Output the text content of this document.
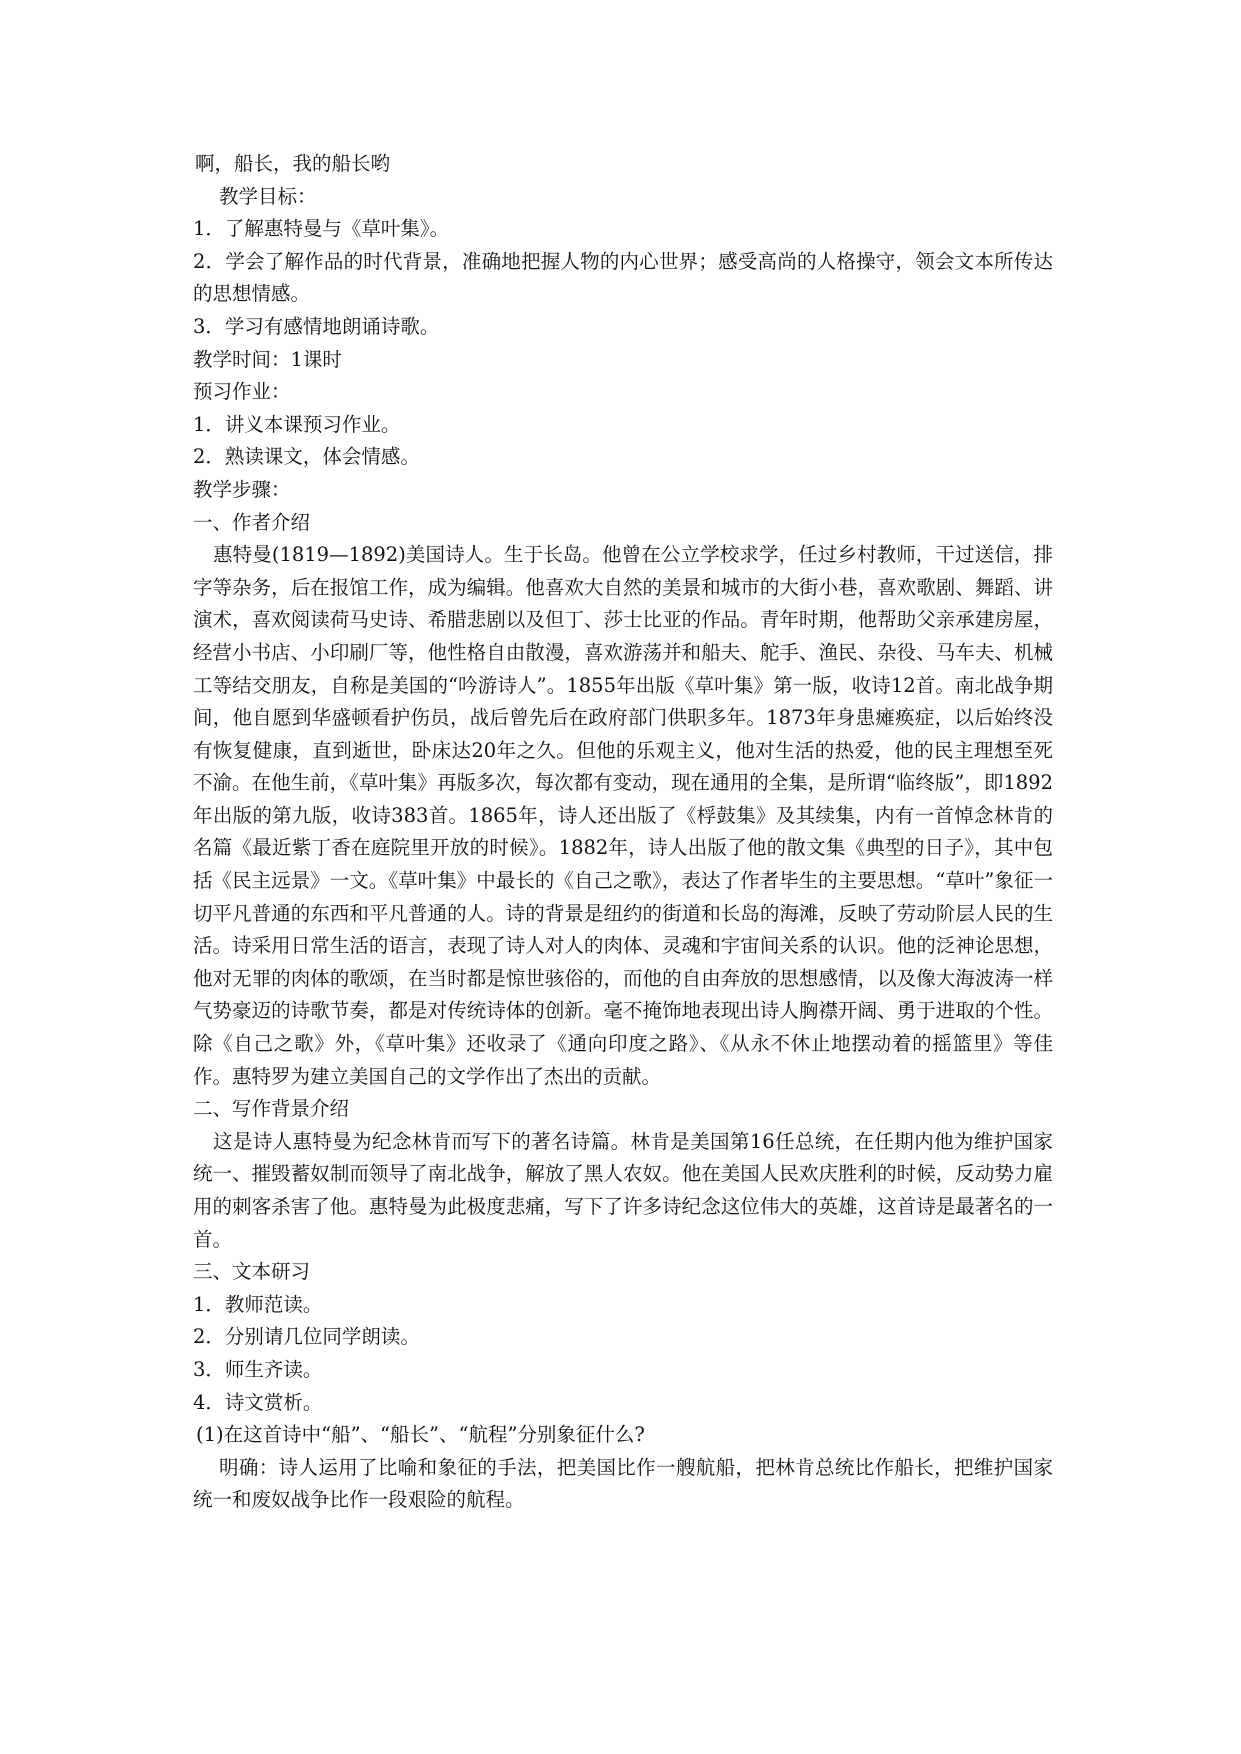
啊，船长，我的船长哟
教学目标：
1．了解惠特曼与《草叶集》。

2．学会了解作品的时代背景，准确地把握人物的内心世界；感受高尚的人格操守，领会文本所传达的思想情感。

3．学习有感情地朗诵诗歌。
教学时间：1课时
预习作业：
1．讲义本课预习作业。
2．熟读课文，体会情感。
教学步骤：
一、作者介绍

惠特曼(1819—1892)美国诗人。生于长岛。他曾在公立学校求学，任过乡村教师，干过送信，排字等杂务，后在报馆工作，成为编辑。他喜欢大自然的美景和城市的大街小巷，喜欢歌剧、舞蹈、讲演术，喜欢阅读荷马史诗、希腊悲剧以及但丁、莎士比亚的作品。青年时期，他帮助父亲承建房屋，经营小书店、小印刷厂等，他性格自由散漫，喜欢游荡并和船夫、舵手、渔民、杂役、马车夫、机械工等结交朋友，自称是美国的“吟游诗人”。1855年出版《草叶集》第一版，收诗12首。南北战争期间，他自愿到华盛顿看护伤员，战后曾先后在政府部门供职多年。1873年身患瘫痪症，以后始终没有恢复健康，直到逝世，卧床达20年之久。但他的乐观主义，他对生活的热爱，他的民主理想至死不渝。在他生前，《草叶集》再版多次，每次都有变动，现在通用的全集，是所谓“临终版”，即1892年出版的第九版，收诗383首。1865年，诗人还出版了《桴鼓集》及其续集，内有一首悼念林肯的名篇《最近紫丁香在庭院里开放的时候》。1882年，诗人出版了他的散文集《典型的日子》，其中包括《民主远景》一文。《草叶集》中最长的《自己之歌》，表达了作者毕生的主要思想。“草叶”象征一切平凡普通的东西和平凡普通的人。诗的背景是纽约的街道和长岛的海滩，反映了劳动阶层人民的生活。诗采用日常生活的语言，表现了诗人对人的肉体、灵魂和宇宙间关系的认识。他的泛神论思想，他对无罪的肉体的歌颂，在当时都是惊世骇俗的，而他的自由奔放的思想感情，以及像大海波涛一样气势豪迈的诗歌节奏，都是对传统诗体的创新。毫不掩饰地表现出诗人胸襟开阔、勇于进取的个性。除《自己之歌》外，《草叶集》还收录了《通向印度之路》、《从永不休止地摆动着的摇篮里》等佳作。惠特罗为建立美国自己的文学作出了杰出的贡献。

二、写作背景介绍

这是诗人惠特曼为纪念林肯而写下的著名诗篇。林肯是美国第16任总统，在任期内他为维护国家统一、摧毁蓄奴制而领导了南北战争，解放了黑人农奴。他在美国人民欢庆胜利的时候，反动势力雇用的刺客杀害了他。惠特曼为此极度悲痛，写下了许多诗纪念这位伟大的英雄，这首诗是最著名的一首。

三、文本研习
1．教师范读。
2．分别请几位同学朗读。
3．师生齐读。
4．诗文赏析。
(1)在这首诗中“船”、“船长”、“航程”分别象征什么?

明确：诗人运用了比喻和象征的手法，把美国比作一艘航船，把林肯总统比作船长，把维护国家统一和废奴战争比作一段艰险的航程。
